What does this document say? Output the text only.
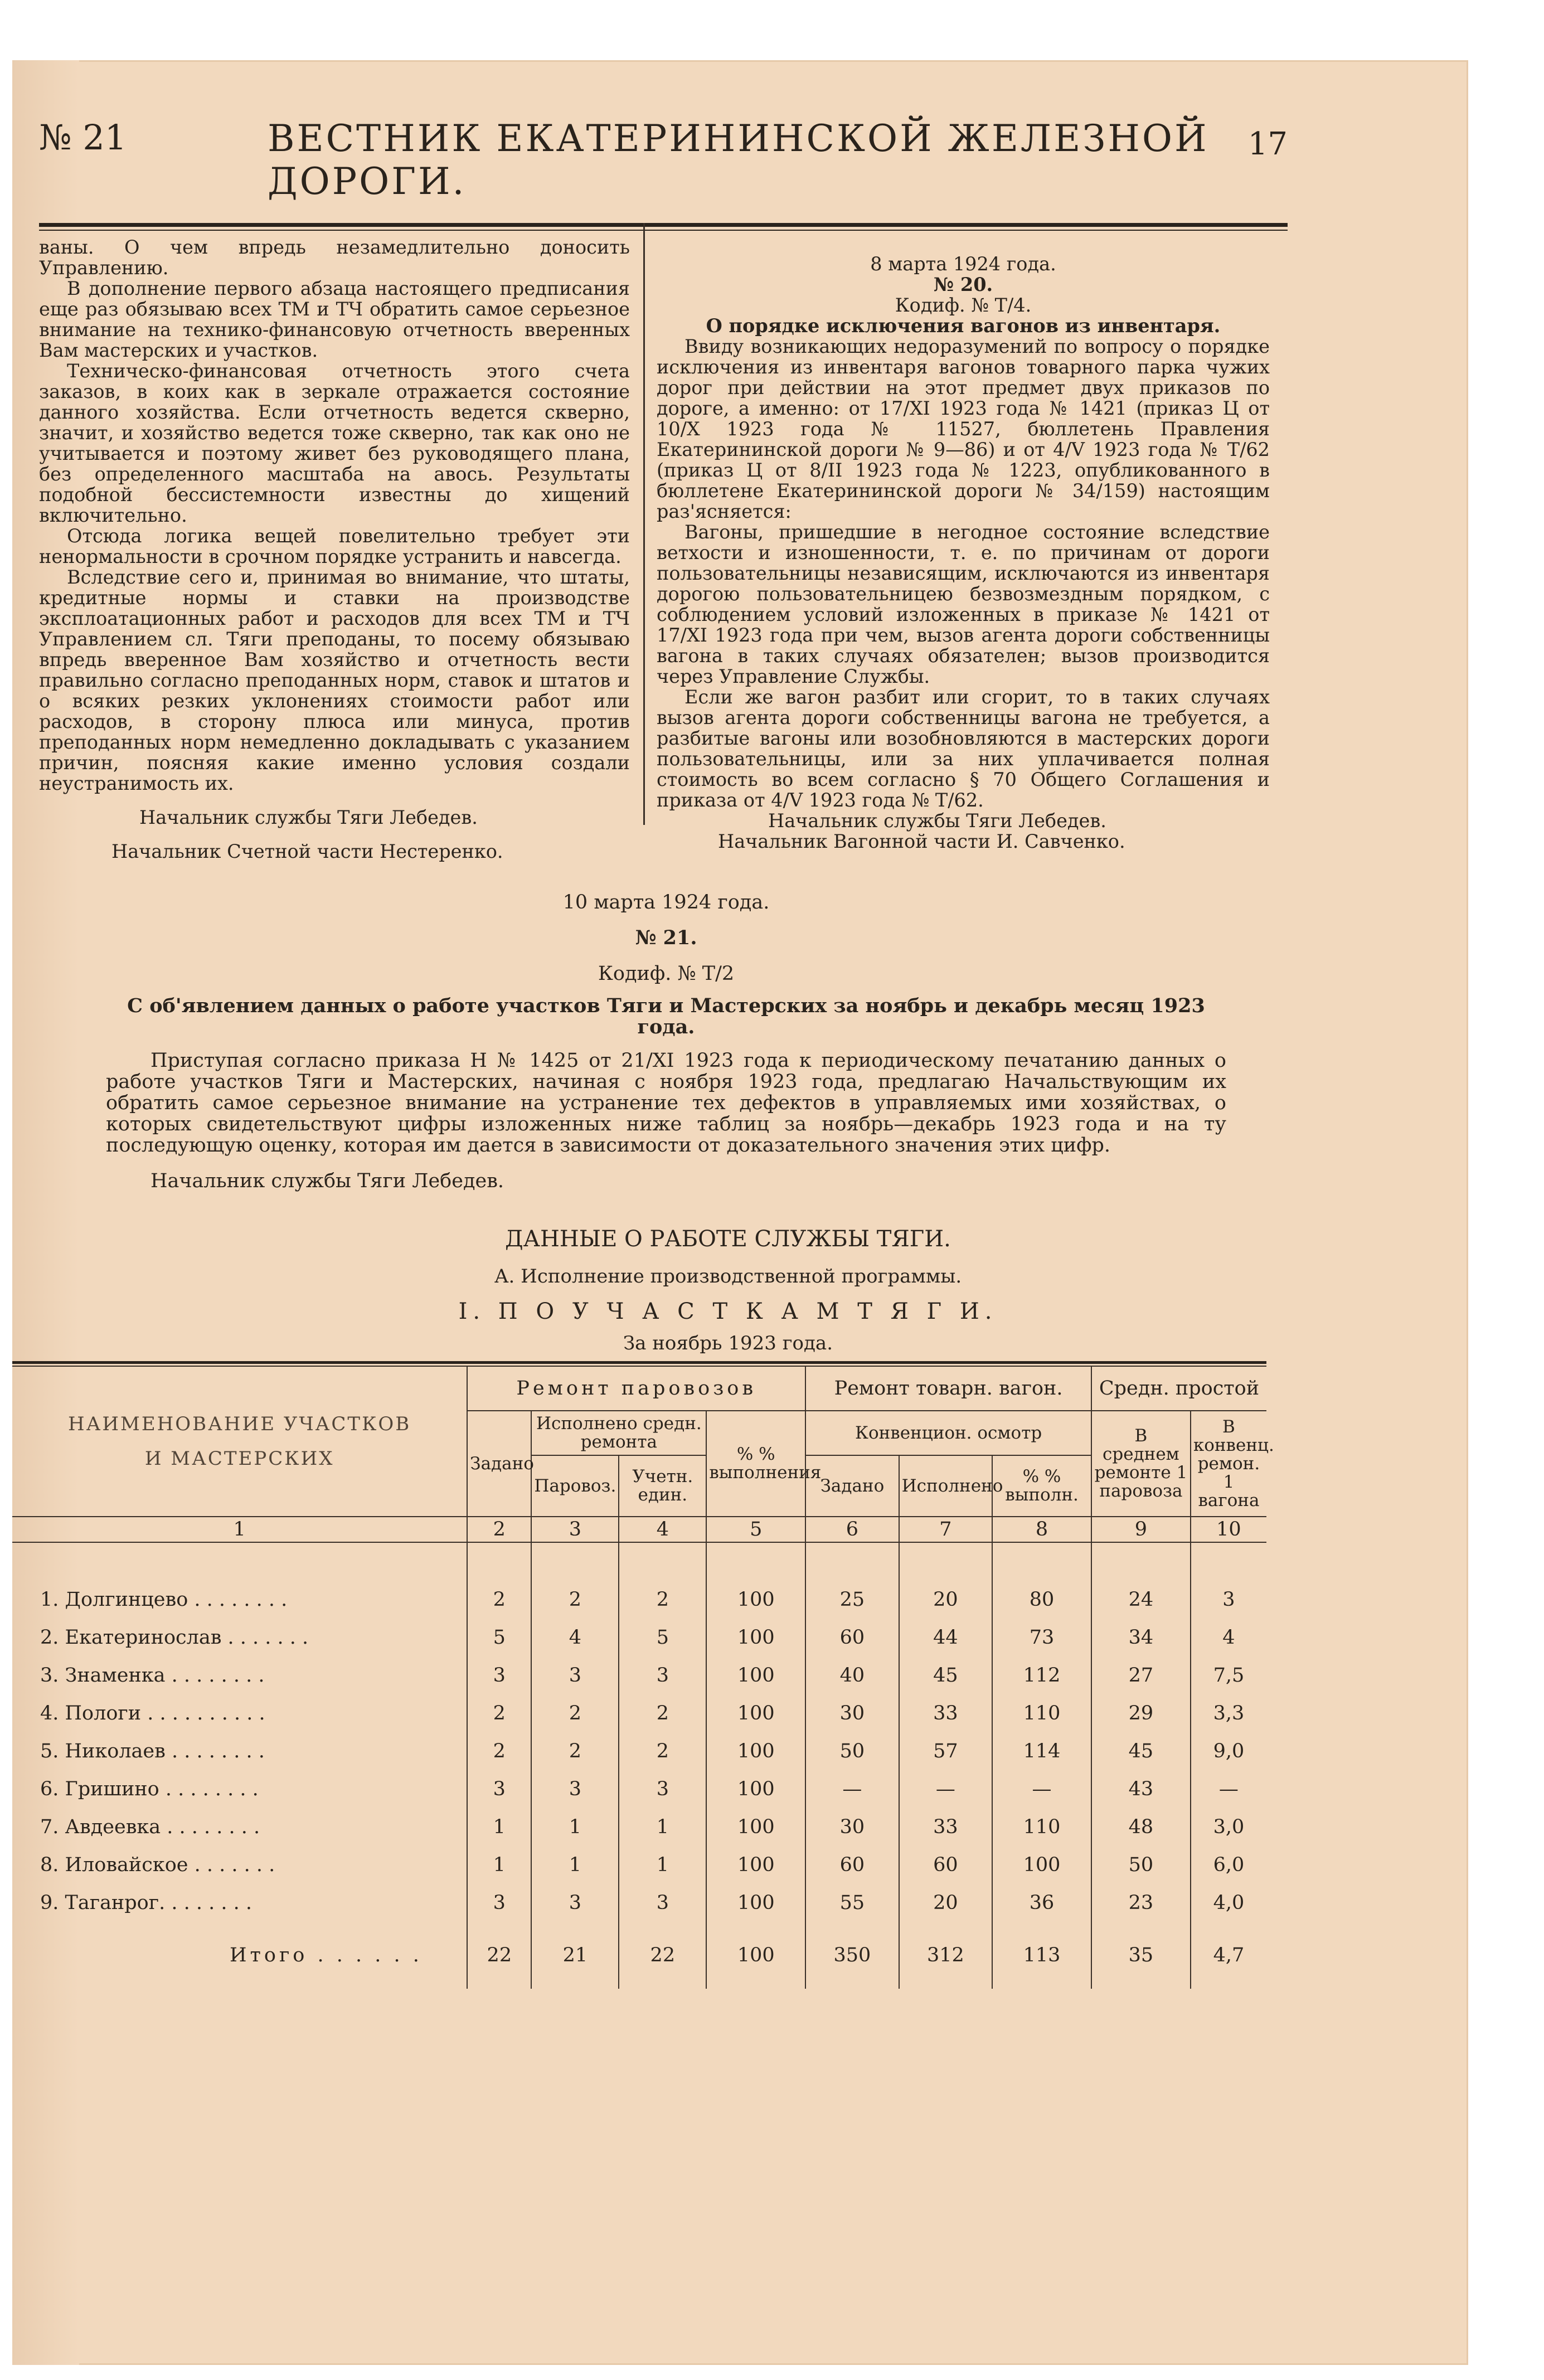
№ 21	ВЕСТНИК ЕКАТЕРИНИНСКОЙ ЖЕЛЕЗНОЙ ДОРОГИ.
17

ваны. О чем впредь незамедлительно доносить Управлению.

В дополнение первого абзаца настоящего предписания еще раз обязываю всех ТМ и ТЧ обратить самое серьезное внимание на технико-финансовую отчетность вверенных Вам мастерских и участков.

Техническо-финансовая отчетность этого счета заказов, в коих как в зеркале отражается состояние данного хозяйства. Если отчетность ведется скверно, значит, и хозяйство ведется тоже скверно, так как оно не учитывается и поэтому живет без руководящего плана, без определенного масштаба на авось. Результаты подобной бессистемности известны до хищений включительно.

Отсюда логика вещей повелительно требует эти ненормальности в срочном порядке устранить и навсегда.

Вследствие сего и, принимая во внимание, что штаты, кредитные нормы и ставки на производстве эксплоатационных работ и расходов для всех ТМ и ТЧ Управлением сл. Тяги преподаны, то посему обязываю впредь вверенное Вам хозяйство и отчетность вести правильно согласно преподанных норм, ставок и штатов и о всяких резких уклонениях стоимости работ или расходов, в сторону плюса или минуса, против преподанных норм немедленно докладывать с указанием причин, поясняя какие именно условия создали неустранимость их.

Начальник службы Тяги Лебедев.

Начальник Счетной части Нестеренко.

8 марта 1924 года.

№ 20.

Кодиф. № Т/4.

О порядке исключения вагонов из инвентаря.

Ввиду возникающих недоразумений по вопросу о порядке исключения из инвентаря вагонов товарного парка чужих дорог при действии на этот предмет двух приказов по дороге, а именно: от 17/XI 1923 года № 1421 (приказ Ц от 10/X 1923 года № 11527, бюллетень Правления Екатерининской дороги № 9—86) и от 4/V 1923 года № Т/62 (приказ Ц от 8/II 1923 года № 1223, опубликованного в бюллетене Екатерининской дороги № 34/159) настоящим раз'ясняется:

Вагоны, пришедшие в негодное состояние вследствие ветхости и изношенности, т. е. по причинам от дороги пользовательницы независящим, исключаются из инвентаря дорогою пользовательницею безвозмездным порядком, с соблюдением условий изложенных в приказе № 1421 от 17/XI 1923 года при чем, вызов агента дороги собственницы вагона в таких случаях обязателен; вызов производится через Управление Службы.

Если же вагон разбит или сгорит, то в таких случаях вызов агента дороги собственницы вагона не требуется, а разбитые вагоны или возобновляются в мастерских дороги пользовательницы, или за них уплачивается полная стоимость во всем согласно § 70 Общего Соглашения и приказа от 4/V 1923 года № Т/62.

Начальник службы Тяги Лебедев.

Начальник Вагонной части И. Савченко.

10 марта 1924 года.

№ 21.

Кодиф. № Т/2

С об'явлением данных о работе участков Тяги и Мастерских за ноябрь и декабрь месяц 1923 года.

Приступая согласно приказа Н № 1425 от 21/XI 1923 года к периодическому печатанию данных о работе участков Тяги и Мастерских, начиная с ноября 1923 года, предлагаю Начальствующим их обратить самое серьезное внимание на устранение тех дефектов в управляемых ими хозяйствах, о которых свидетельствуют цифры изложенных ниже таблиц за ноябрь—декабрь 1923 года и на ту последующую оценку, которая им дается в зависимости от доказательного значения этих цифр.

Начальник службы Тяги Лебедев.

ДАННЫЕ О РАБОТЕ СЛУЖБЫ ТЯГИ.
А. Исполнение производственной программы.
I. П О У Ч А С Т К А М Т Я Г И.
За ноябрь 1923 года.
НАИМЕНОВАНИЕ УЧАСТКОВ
И МАСТЕРСКИХ	Ремонт паровозов				Ремонт товарн. вагон.			Средн. простой	
	Задано	Исполнено средн. ремонта		% % выполнения	Конвенцион. осмотр			В среднем ремонте 1 паровоза	В конвенц. ремон. 1 вагона
		Паровоз.	Учетн. един.		Задано	Исполнено	% % выполн.		
1	2	3	4	5	6	7	8	9	10

1. Долгинцево . . . . . . . .	2	2	2	100	25	20	80	24	3
2. Екатеринослав . . . . . . .	5	4	5	100	60	44	73	34	4
3. Знаменка . . . . . . . .	3	3	3	100	40	45	112	27	7,5
4. Пологи . . . . . . . . . .	2	2	2	100	30	33	110	29	3,3
5. Николаев . . . . . . . .	2	2	2	100	50	57	114	45	9,0
6. Гришино . . . . . . . .	3	3	3	100	—	—	—	43	—
7. Авдеевка . . . . . . . .	1	1	1	100	30	33	110	48	3,0
8. Иловайское . . . . . . .	1	1	1	100	60	60	100	50	6,0
9. Таганрог. . . . . . . .	3	3	3	100	55	20	36	23	4,0
Итого . . . . . .	22	21	22	100	350	312	113	35	4,7
